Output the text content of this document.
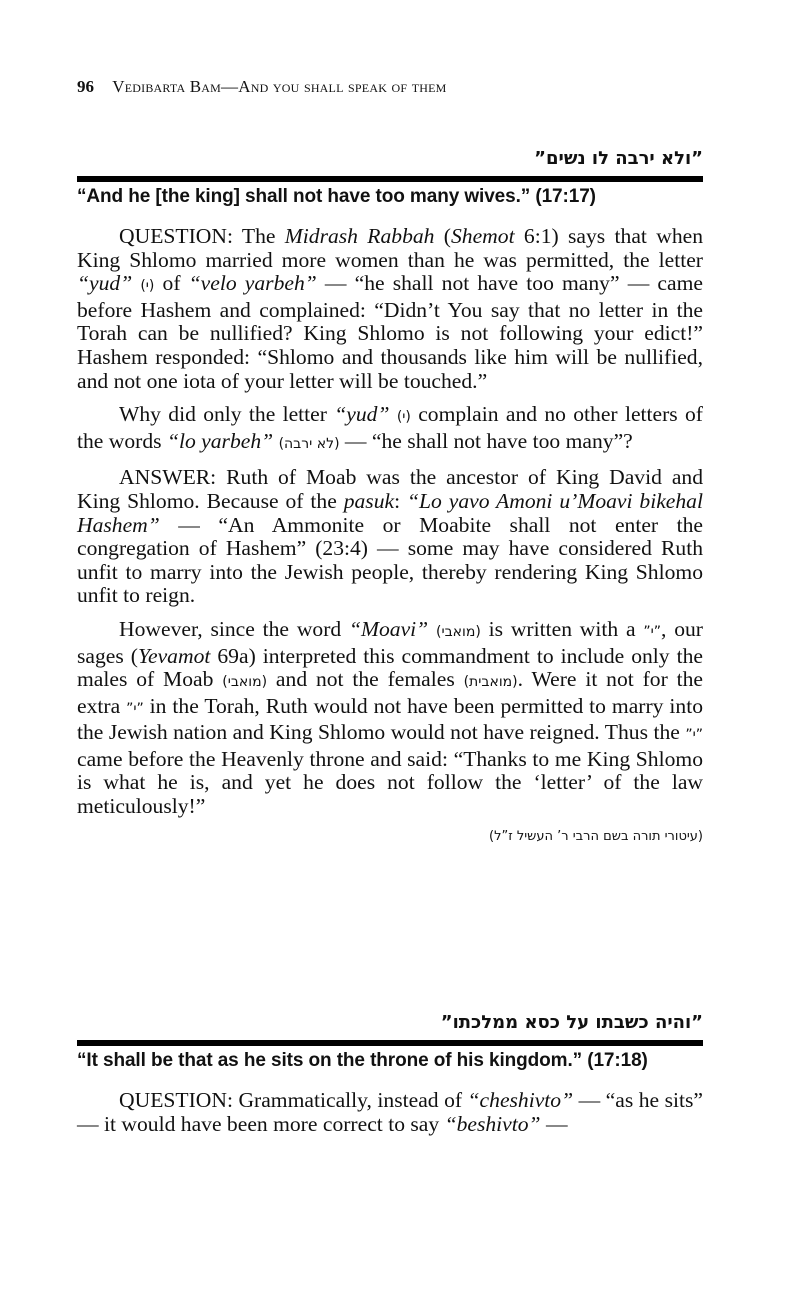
96 Vedibarta Bam—And you shall speak of them
”ולא ירבה לו נשים”
“And he [the king] shall not have too many wives.” (17:17)

QUESTION: The Midrash Rabbah (Shemot 6:1) says that when King Shlomo married more women than he was permitted, the letter “yud” (י) of “velo yarbeh” — “he shall not have too many” — came before Hashem and complained: “Didn’t You say that no letter in the Torah can be nullified? King Shlomo is not following your edict!” Hashem responded: “Shlomo and thousands like him will be nullified, and not one iota of your letter will be touched.”

Why did only the letter “yud” (י) complain and no other letters of the words “lo yarbeh” (לא ירבה) — “he shall not have too many”?

ANSWER: Ruth of Moab was the ancestor of King David and King Shlomo. Because of the pasuk: “Lo yavo Amoni u’Moavi bikehal Hashem” — “An Ammonite or Moabite shall not enter the congregation of Hashem” (23:4) — some may have considered Ruth unfit to marry into the Jewish people, thereby rendering King Shlomo unfit to reign.

However, since the word “Moavi” (מואבי) is written with a ”י”, our sages (Yevamot 69a) interpreted this commandment to include only the males of Moab (מואבי) and not the females (מואבית). Were it not for the extra ”י” in the Torah, Ruth would not have been permitted to marry into the Jewish nation and King Shlomo would not have reigned. Thus the ”י” came before the Heavenly throne and said: “Thanks to me King Shlomo is what he is, and yet he does not follow the ‘letter’ of the law meticulously!”

(עיטורי תורה בשם הרבי ר’ העשיל ז”ל)
”והיה כשבתו על כסא ממלכתו”
“It shall be that as he sits on the throne of his kingdom.” (17:18)

QUESTION: Grammatically, instead of “cheshivto” — “as he sits” — it would have been more correct to say “beshivto” —
